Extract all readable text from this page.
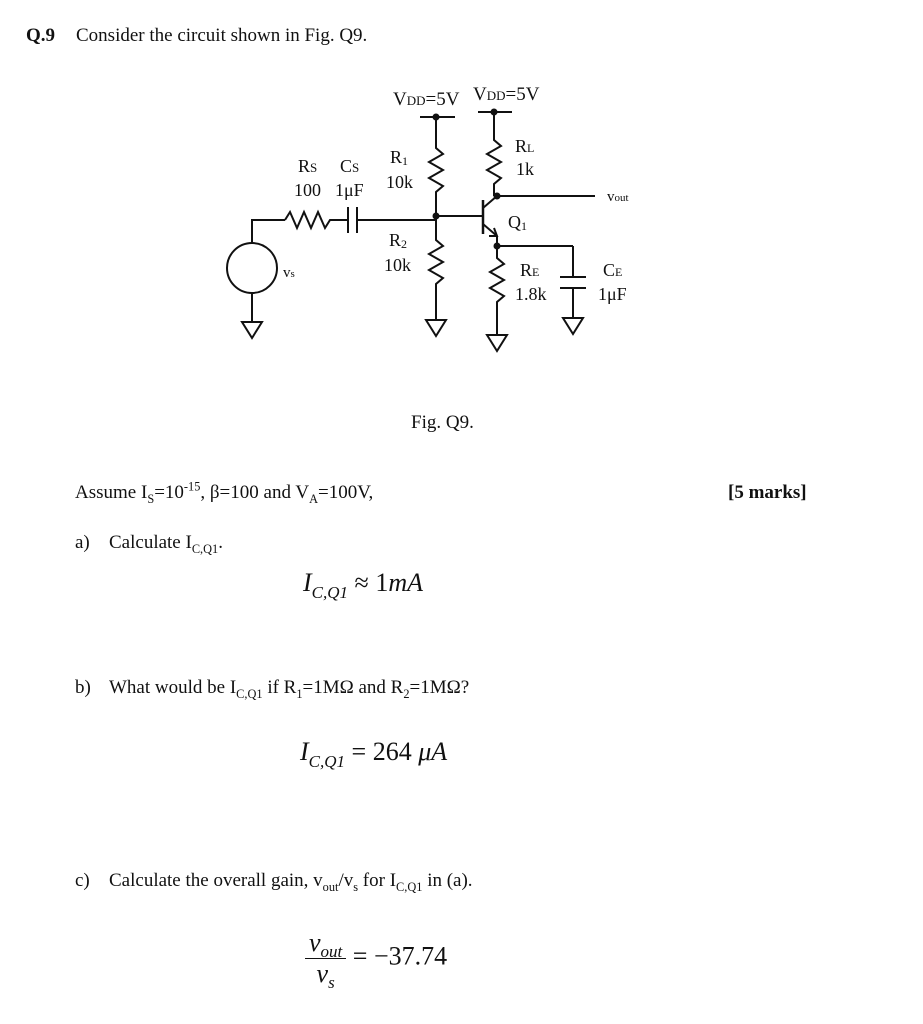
Q.9 Consider the circuit shown in Fig. Q9.
VDD=5V VDD=5V
RS
100
CS
1μF
R1
10k
R2
10k
RL
1k
Q1
vout
RE
1.8k
CE
1μF
vs
Fig. Q9.
Assume $I_S=10^{-15}$, β=100 and $V_A=100V$,	[5 marks]
a) Calculate $I_{C,Q1}$.
$I_{C,Q1} \approx 1mA$
b) What would be $I_{C,Q1}$ if $R_1=1M\Omega$ and $R_2=1M\Omega$?
$I_{C,Q1} = 264$ μA
c) Calculate the overall gain, $v_{out}/v_s$ for $I_{C,Q1}$ in (a).
$\frac{v_{out}}{v_s} = -37.74$
